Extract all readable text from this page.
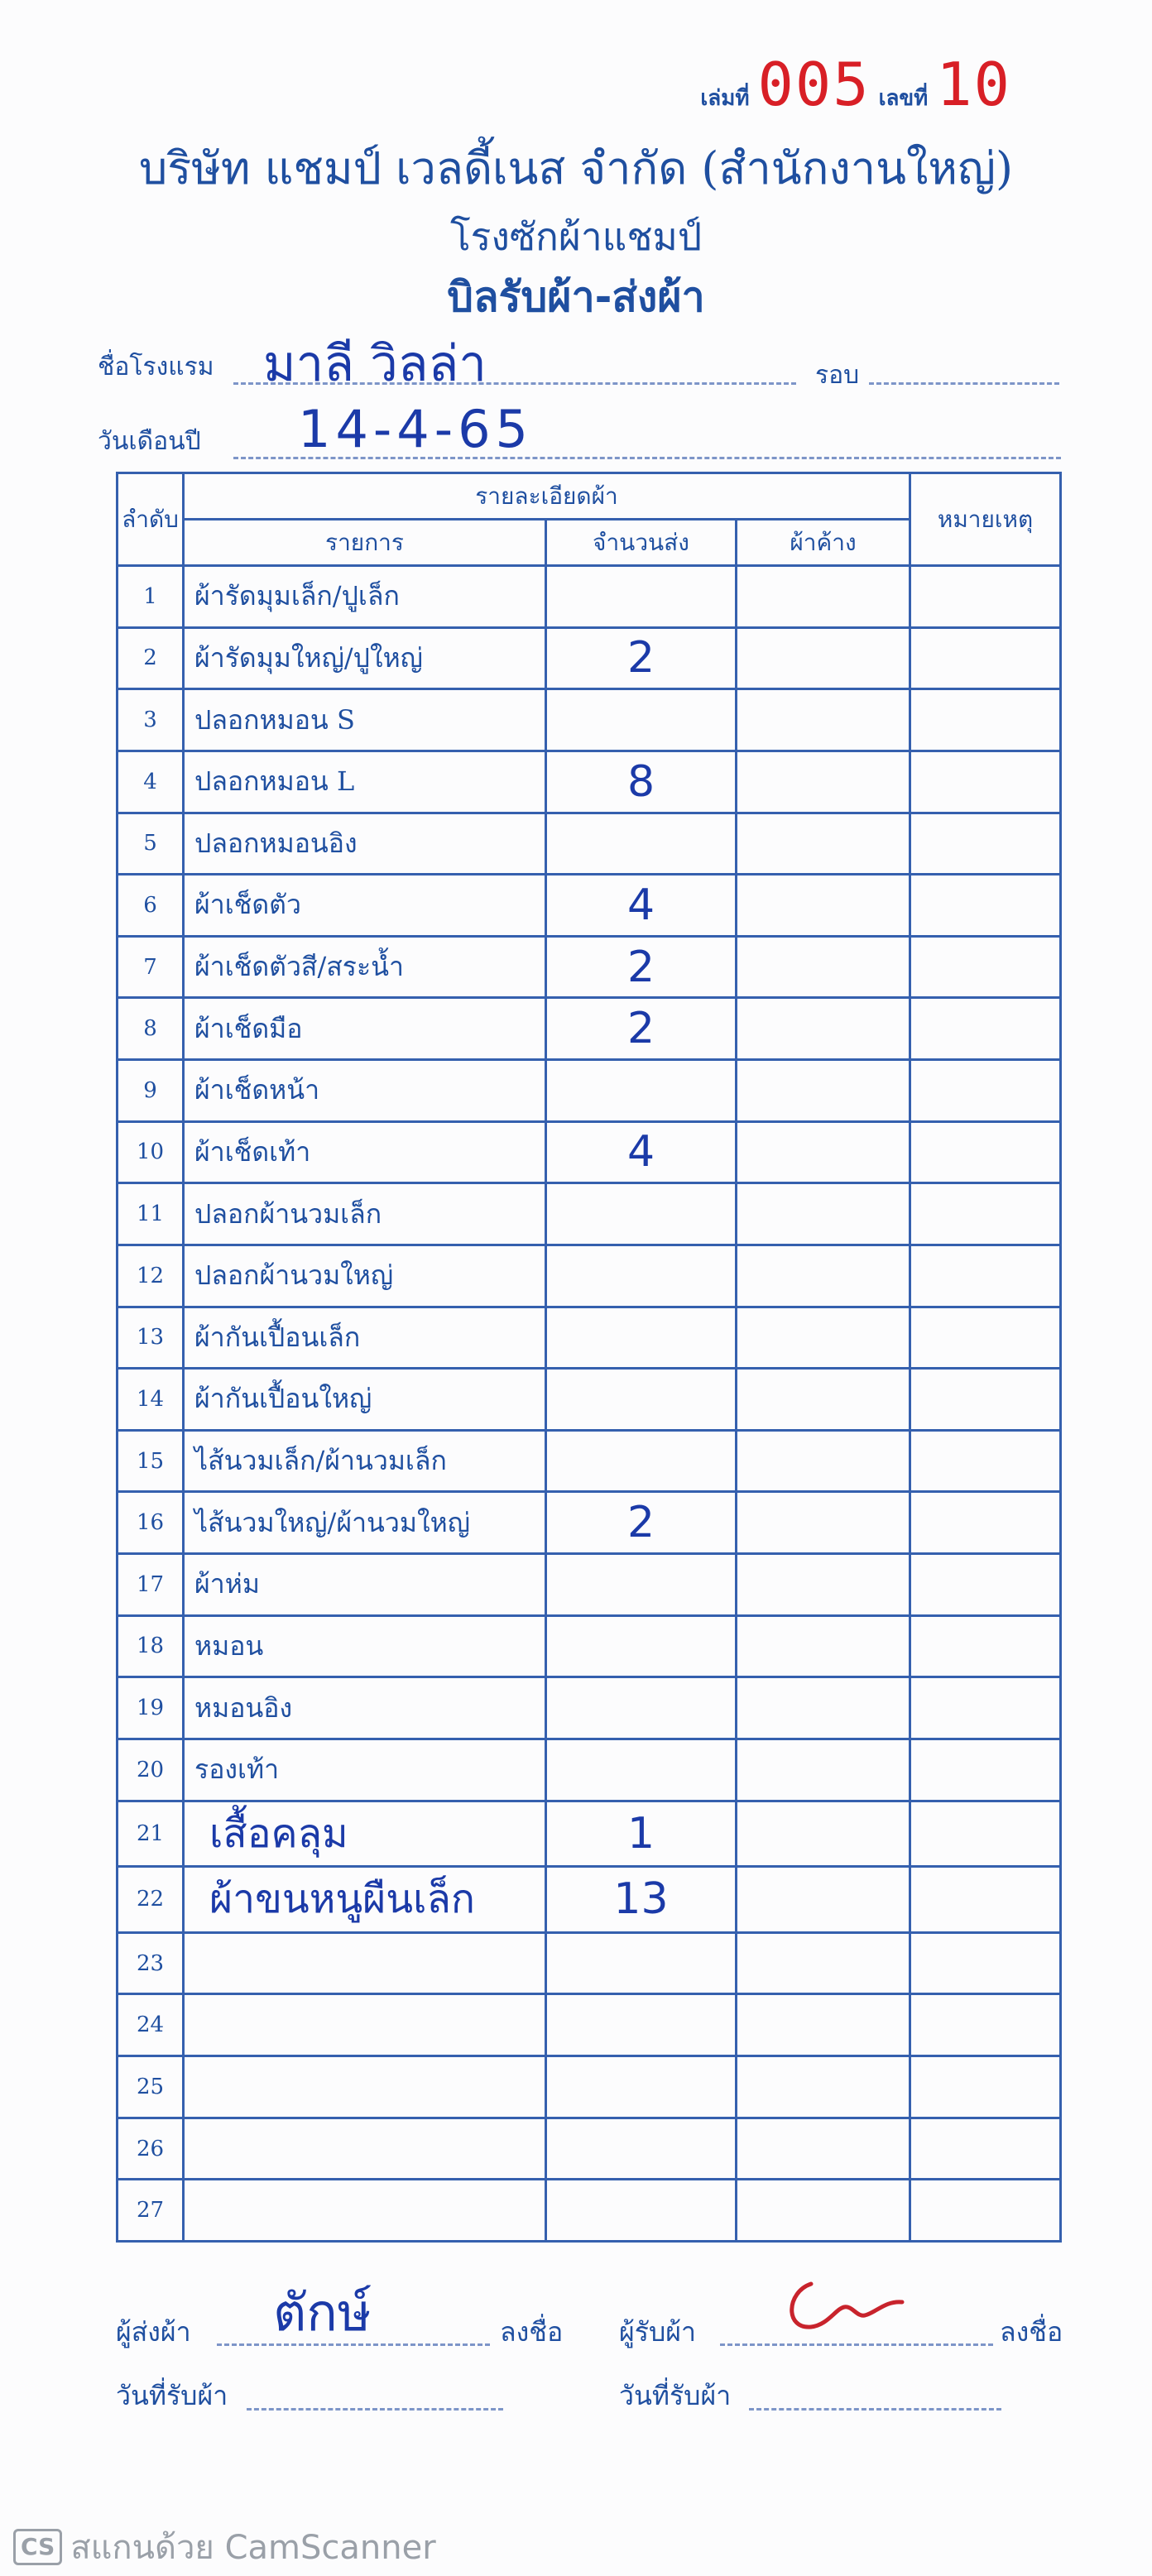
เล่มที่ 005 เลขที่ 10
บริษัท แชมป์ เวลดี้เนส จำกัด (สำนักงานใหญ่)
โรงซักผ้าแชมป์
บิลรับผ้า-ส่งผ้า
ชื่อโรงแรม มาลี วิลล่า	รอบ
วันเดือนปี 14-4-65
ลำดับ	รายละเอียดผ้า			หมายเหตุ
	รายการ	จำนวนส่ง	ผ้าค้าง	
1	ผ้ารัดมุมเล็ก/ปูเล็ก			
2	ผ้ารัดมุมใหญ่/ปูใหญ่	2		
3	ปลอกหมอน S			
4	ปลอกหมอน L	8		
5	ปลอกหมอนอิง			
6	ผ้าเช็ดตัว	4		
7	ผ้าเช็ดตัวสี/สระน้ำ	2		
8	ผ้าเช็ดมือ	2		
9	ผ้าเช็ดหน้า			
10	ผ้าเช็ดเท้า	4		
11	ปลอกผ้านวมเล็ก			
12	ปลอกผ้านวมใหญ่			
13	ผ้ากันเปื้อนเล็ก			
14	ผ้ากันเปื้อนใหญ่			
15	ไส้นวมเล็ก/ผ้านวมเล็ก			
16	ไส้นวมใหญ่/ผ้านวมใหญ่	2		
17	ผ้าห่ม			
18	หมอน			
19	หมอนอิง			
20	รองเท้า			
21	เสื้อคลุม	1		
22	ผ้าขนหนูผืนเล็ก	13		
23				
24				
25				
26				
27				
ผู้ส่งผ้า ตักษ์	ลงชื่อ ผู้รับผ้า	ลงชื่อ
วันที่รับผ้า	วันที่รับผ้า
CS สแกนด้วย CamScanner
